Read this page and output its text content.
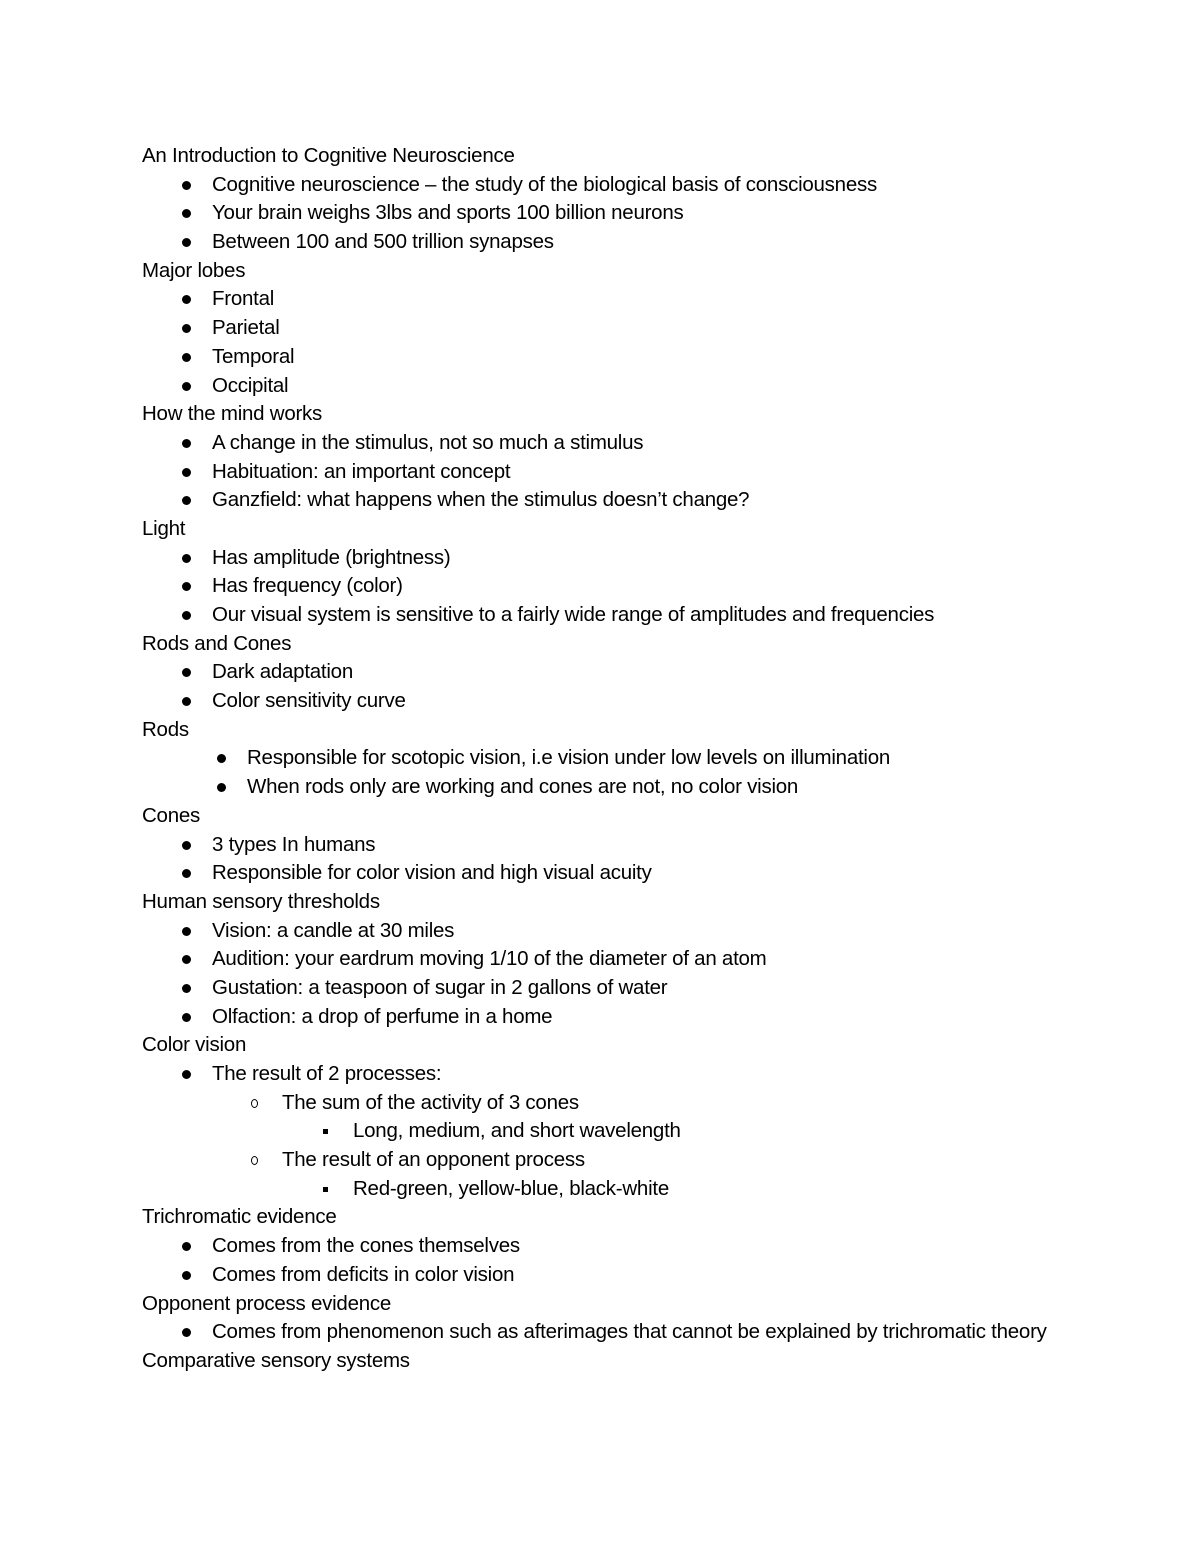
An Introduction to Cognitive Neuroscience
Cognitive neuroscience – the study of the biological basis of consciousness
Your brain weighs 3lbs and sports 100 billion neurons
Between 100 and 500 trillion synapses
Major lobes
Frontal
Parietal
Temporal
Occipital
How the mind works
A change in the stimulus, not so much a stimulus
Habituation: an important concept
Ganzfield: what happens when the stimulus doesn’t change?
Light
Has amplitude (brightness)
Has frequency (color)
Our visual system is sensitive to a fairly wide range of amplitudes and frequencies
Rods and Cones
Dark adaptation
Color sensitivity curve
Rods
Responsible for scotopic vision, i.e vision under low levels on illumination
When rods only are working and cones are not, no color vision
Cones
3 types In humans
Responsible for color vision and high visual acuity
Human sensory thresholds
Vision: a candle at 30 miles
Audition: your eardrum moving 1/10 of the diameter of an atom
Gustation: a teaspoon of sugar in 2 gallons of water
Olfaction: a drop of perfume in a home
Color vision
The result of 2 processes:
The sum of the activity of 3 cones
Long, medium, and short wavelength
The result of an opponent process
Red-green, yellow-blue, black-white
Trichromatic evidence
Comes from the cones themselves
Comes from deficits in color vision
Opponent process evidence
Comes from phenomenon such as afterimages that cannot be explained by trichromatic theory
Comparative sensory systems
